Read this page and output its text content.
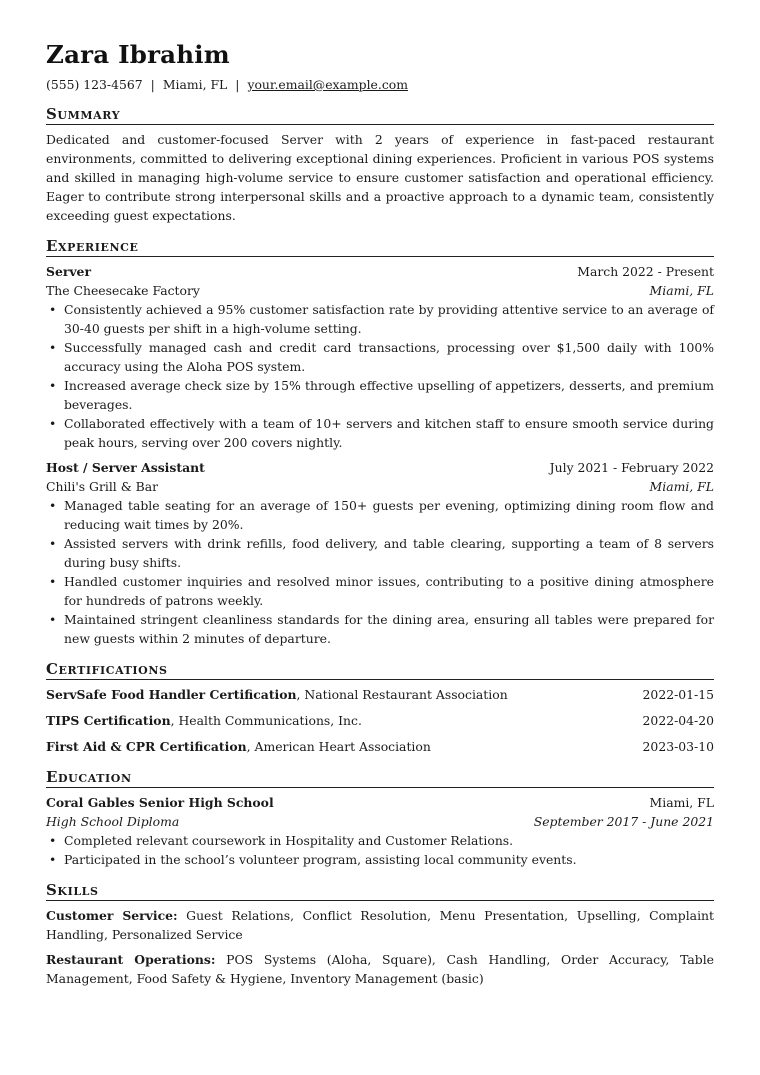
Zara Ibrahim
(555) 123-4567 | Miami, FL | your.email@example.com
Summary
Dedicated and customer-focused Server with 2 years of experience in fast-paced restaurant environments, committed to delivering exceptional dining experiences. Proficient in various POS systems and skilled in managing high-volume service to ensure customer satisfaction and operational efficiency. Eager to contribute strong interpersonal skills and a proactive approach to a dynamic team, consistently exceeding guest expectations.
Experience
Server	March 2022 - Present
The Cheesecake Factory	Miami, FL
• Consistently achieved a 95% customer satisfaction rate by providing attentive service to an average of 30-40 guests per shift in a high-volume setting.
• Successfully managed cash and credit card transactions, processing over $1,500 daily with 100% accuracy using the Aloha POS system.
• Increased average check size by 15% through effective upselling of appetizers, desserts, and premium beverages.
• Collaborated effectively with a team of 10+ servers and kitchen staff to ensure smooth service during peak hours, serving over 200 covers nightly.
Host / Server Assistant	July 2021 - February 2022
Chili's Grill & Bar	Miami, FL
• Managed table seating for an average of 150+ guests per evening, optimizing dining room flow and reducing wait times by 20%.
• Assisted servers with drink refills, food delivery, and table clearing, supporting a team of 8 servers during busy shifts.
• Handled customer inquiries and resolved minor issues, contributing to a positive dining atmosphere for hundreds of patrons weekly.
• Maintained stringent cleanliness standards for the dining area, ensuring all tables were prepared for new guests within 2 minutes of departure.
Certifications
ServSafe Food Handler Certification, National Restaurant Association	2022-01-15
TIPS Certification, Health Communications, Inc.	2022-04-20
First Aid & CPR Certification, American Heart Association	2023-03-10
Education
Coral Gables Senior High School	Miami, FL
High School Diploma	September 2017 - June 2021
• Completed relevant coursework in Hospitality and Customer Relations.
• Participated in the school’s volunteer program, assisting local community events.
Skills
Customer Service: Guest Relations, Conflict Resolution, Menu Presentation, Upselling, Complaint Handling, Personalized Service
Restaurant Operations: POS Systems (Aloha, Square), Cash Handling, Order Accuracy, Table Management, Food Safety & Hygiene, Inventory Management (basic)
